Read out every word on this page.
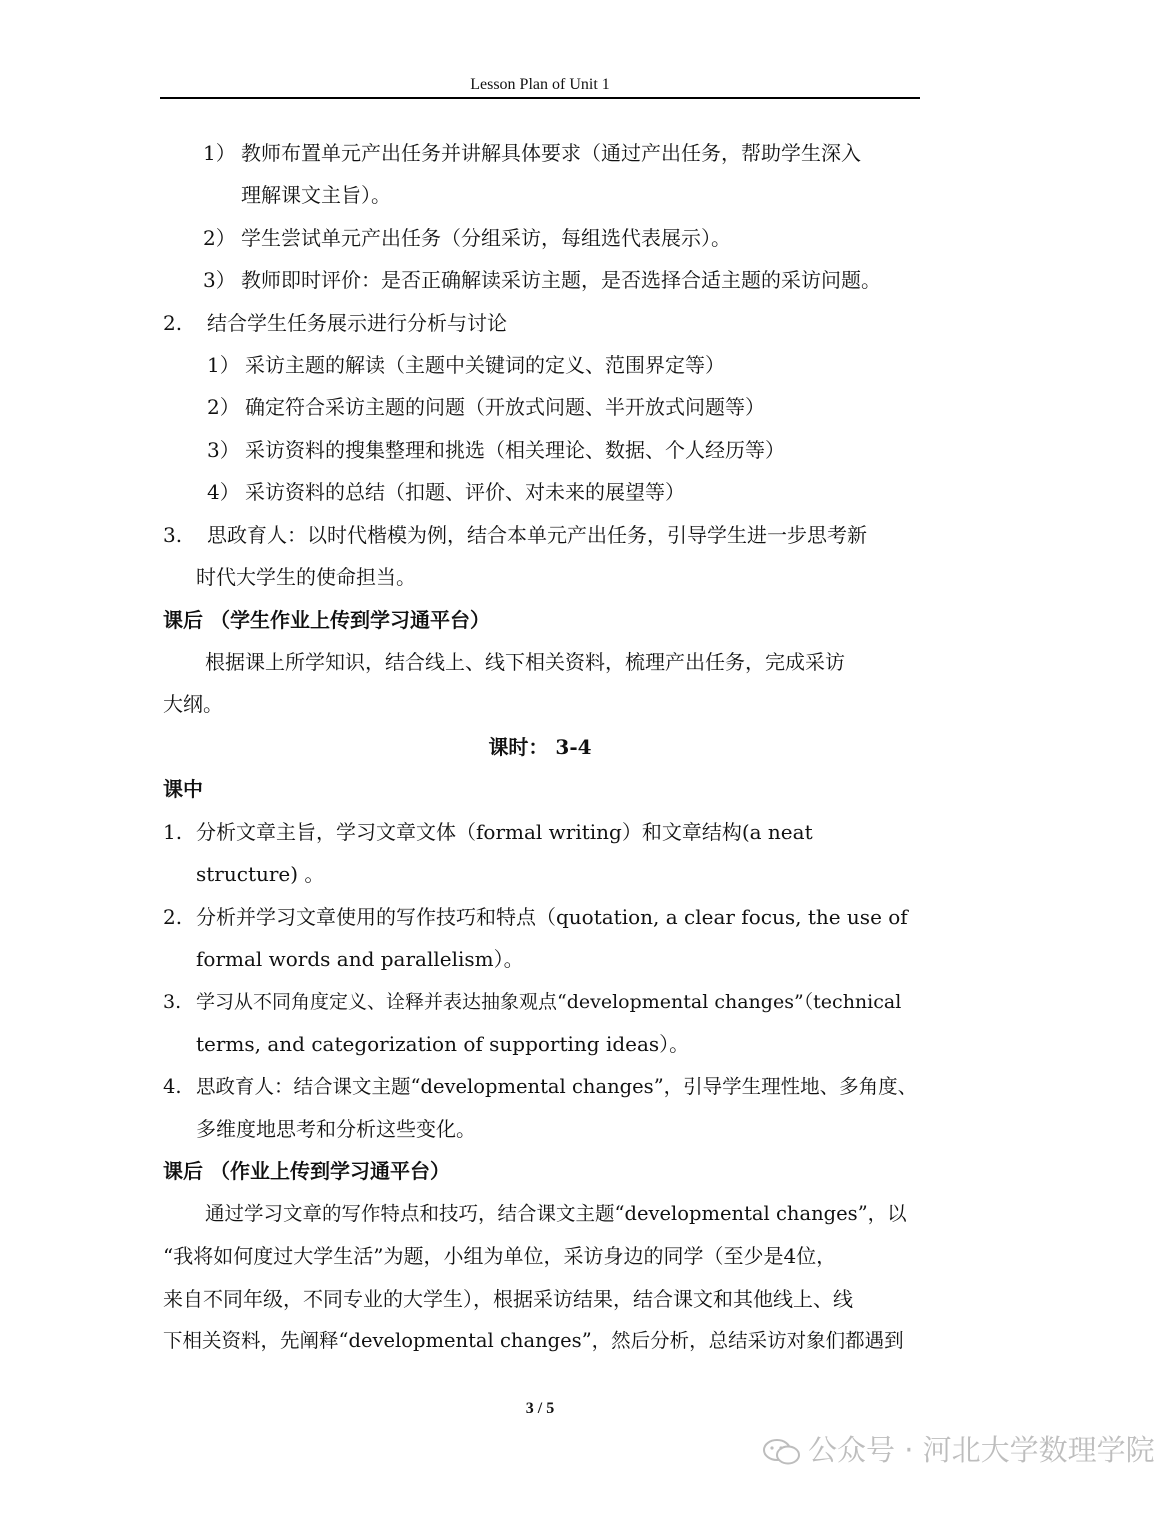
Lesson Plan of Unit 1
1） 教师布置单元产出任务并讲解具体要求（通过产出任务，帮助学生深入
理解课文主旨）。
2） 学生尝试单元产出任务（分组采访，每组选代表展示）。
3） 教师即时评价：是否正确解读采访主题，是否选择合适主题的采访问题。
2. 结合学生任务展示进行分析与讨论
1） 采访主题的解读（主题中关键词的定义、范围界定等）
2） 确定符合采访主题的问题（开放式问题、半开放式问题等）
3） 采访资料的搜集整理和挑选（相关理论、数据、个人经历等）
4） 采访资料的总结（扣题、评价、对未来的展望等）
3. 思政育人：以时代楷模为例，结合本单元产出任务，引导学生进一步思考新
时代大学生的使命担当。
课后 （学生作业上传到学习通平台）
根据课上所学知识，结合线上、线下相关资料，梳理产出任务，完成采访
大纲。
课时： 3-4
课中
1. 分析文章主旨，学习文章文体（formal writing）和文章结构(a neat
structure) 。
2. 分析并学习文章使用的写作技巧和特点（quotation, a clear focus, the use of
formal words and parallelism）。
3. 学习从不同角度定义、诠释并表达抽象观点“developmental changes”（technical
terms, and categorization of supporting ideas）。
4. 思政育人：结合课文主题“developmental changes”，引导学生理性地、多角度、
多维度地思考和分析这些变化。
课后 （作业上传到学习通平台）
通过学习文章的写作特点和技巧，结合课文主题“developmental changes”，以
“我将如何度过大学生活”为题，小组为单位，采访身边的同学（至少是4位，
来自不同年级，不同专业的大学生），根据采访结果，结合课文和其他线上、线
下相关资料，先阐释“developmental changes”，然后分析，总结采访对象们都遇到
3 / 5
公众号 · 河北大学数理学院
